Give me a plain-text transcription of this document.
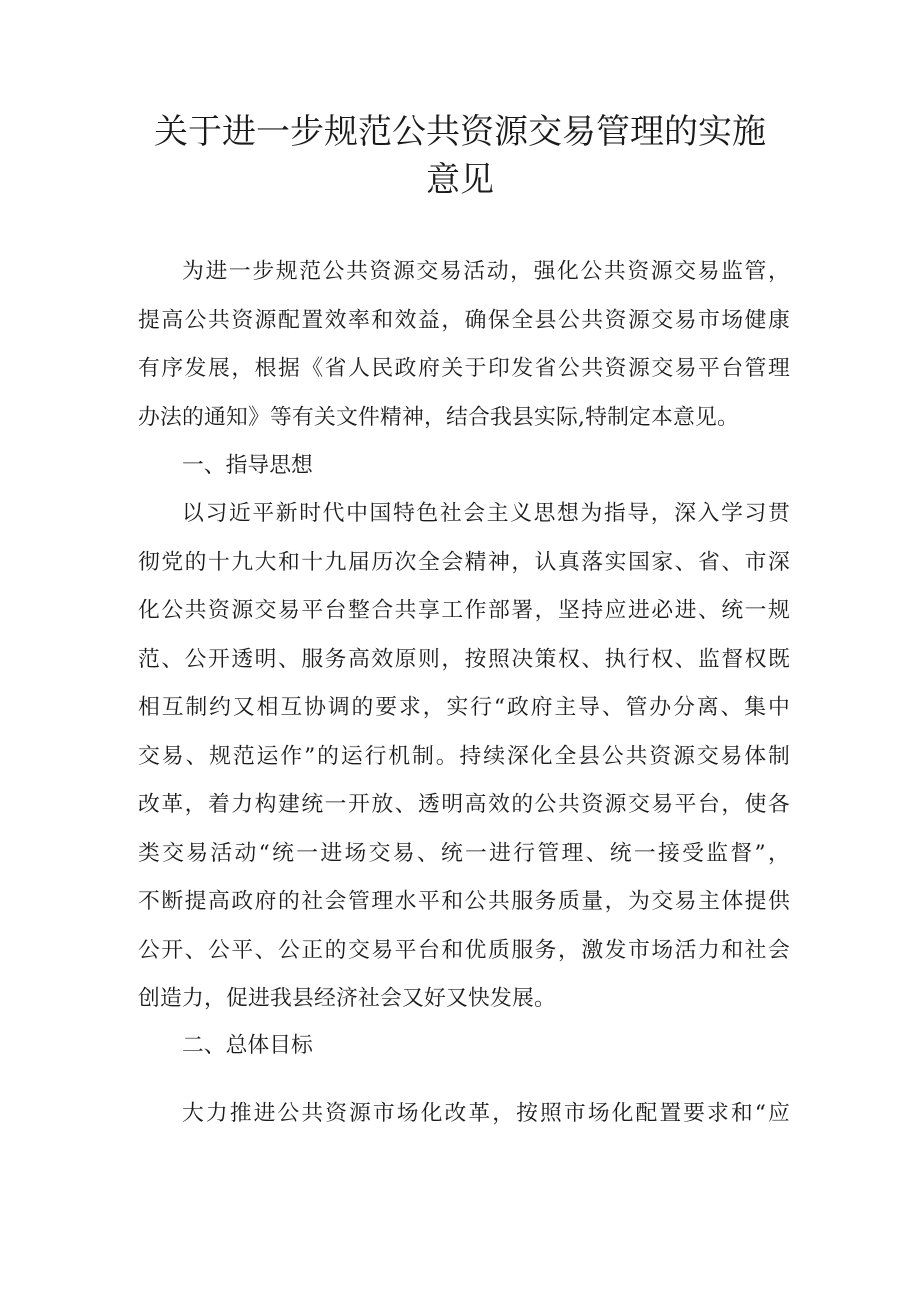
关于进一步规范公共资源交易管理的实施
意见
为进一步规范公共资源交易活动，强化公共资源交易监管，
提高公共资源配置效率和效益，确保全县公共资源交易市场健康
有序发展，根据《省人民政府关于印发省公共资源交易平台管理
办法的通知》等有关文件精神，结合我县实际,特制定本意见。
一、指导思想
以习近平新时代中国特色社会主义思想为指导，深入学习贯
彻党的十九大和十九届历次全会精神，认真落实国家、省、市深
化公共资源交易平台整合共享工作部署，坚持应进必进、统一规
范、公开透明、服务高效原则，按照决策权、执行权、监督权既
相互制约又相互协调的要求，实行“政府主导、管办分离、集中
交易、规范运作”的运行机制。持续深化全县公共资源交易体制
改革，着力构建统一开放、透明高效的公共资源交易平台，使各
类交易活动“统一进场交易、统一进行管理、统一接受监督”，
不断提高政府的社会管理水平和公共服务质量，为交易主体提供
公开、公平、公正的交易平台和优质服务，激发市场活力和社会
创造力，促进我县经济社会又好又快发展。
二、总体目标
大力推进公共资源市场化改革，按照市场化配置要求和“应
